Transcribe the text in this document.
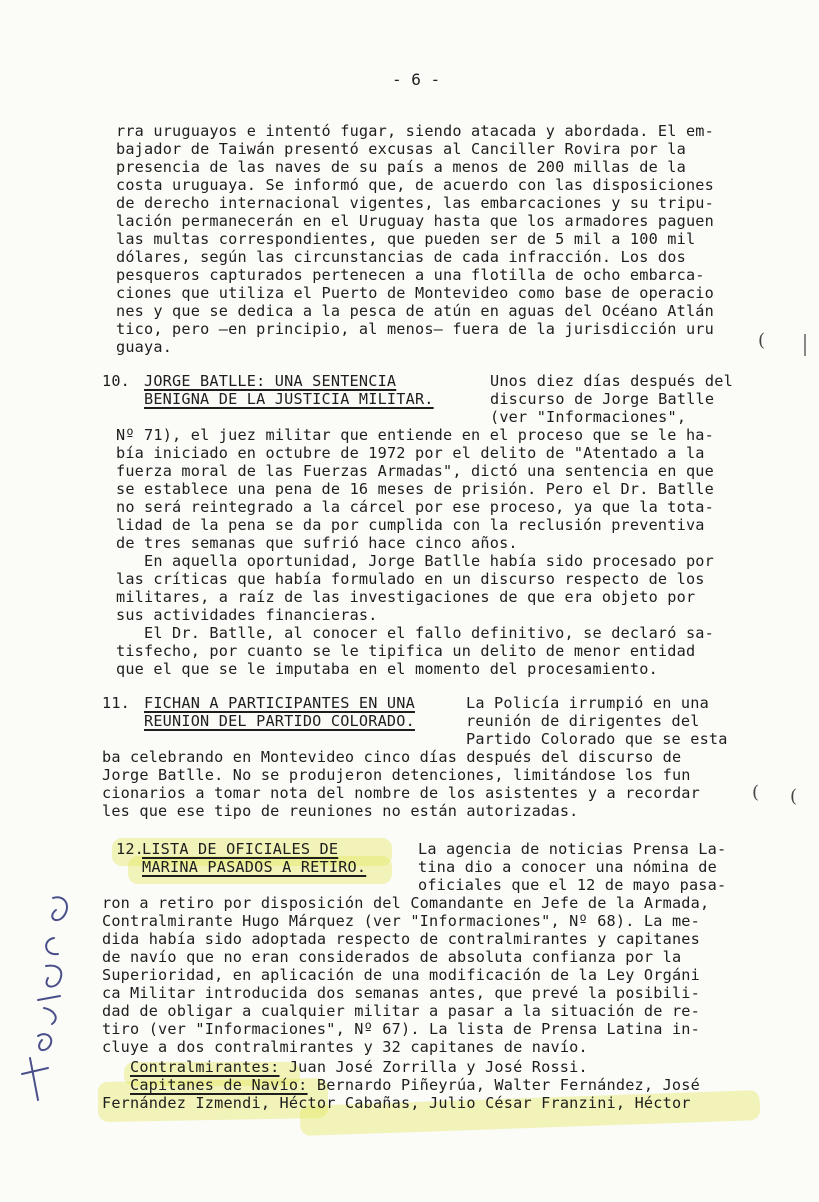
- 6 -
rra uruguayos e intentó fugar, siendo atacada y abordada. El em-
bajador de Taiwán presentó excusas al Canciller Rovira por la
presencia de las naves de su país a menos de 200 millas de la
costa uruguaya. Se informó que, de acuerdo con las disposiciones
de derecho internacional vigentes, las embarcaciones y su tripu-
lación permanecerán en el Uruguay hasta que los armadores paguen
las multas correspondientes, que pueden ser de 5 mil a 100 mil
dólares, según las circunstancias de cada infracción. Los dos
pesqueros capturados pertenecen a una flotilla de ocho embarca-
ciones que utiliza el Puerto de Montevideo como base de operacio
nes y que se dedica a la pesca de atún en aguas del Océano Atlán
tico, pero —en principio, al menos— fuera de la jurisdicción uru
guaya.	(
( (
10. JORGE BATLLE: UNA SENTENCIA
BENIGNA DE LA JUSTICIA MILITAR.
Unos diez días después del
discurso de Jorge Batlle
(ver "Informaciones",
Nº 71), el juez militar que entiende en el proceso que se le ha-
bía iniciado en octubre de 1972 por el delito de "Atentado a la
fuerza moral de las Fuerzas Armadas", dictó una sentencia en que
se establece una pena de 16 meses de prisión. Pero el Dr. Batlle
no será reintegrado a la cárcel por ese proceso, ya que la tota-
lidad de la pena se da por cumplida con la reclusión preventiva
de tres semanas que sufrió hace cinco años.
En aquella oportunidad, Jorge Batlle había sido procesado por
las críticas que había formulado en un discurso respecto de los
militares, a raíz de las investigaciones de que era objeto por
sus actividades financieras.
El Dr. Batlle, al conocer el fallo definitivo, se declaró sa-
tisfecho, por cuanto se le tipifica un delito de menor entidad
que el que se le imputaba en el momento del procesamiento.
11. FICHAN A PARTICIPANTES EN UNA
REUNION DEL PARTIDO COLORADO.
La Policía irrumpió en una
reunión de dirigentes del
Partido Colorado que se esta
ba celebrando en Montevideo cinco días después del discurso de
Jorge Batlle. No se produjeron detenciones, limitándose los fun
cionarios a tomar nota del nombre de los asistentes y a recordar
les que ese tipo de reuniones no están autorizadas.
12.
LISTA DE OFICIALES DE
MARINA PASADOS A RETIRO.
La agencia de noticias Prensa La-
tina dio a conocer una nómina de
oficiales que el 12 de mayo pasa-
ron a retiro por disposición del Comandante en Jefe de la Armada,
Contralmirante Hugo Márquez (ver "Informaciones", Nº 68). La me-
dida había sido adoptada respecto de contralmirantes y capitanes
de navío que no eran considerados de absoluta confianza por la
Superioridad, en aplicación de una modificación de la Ley Orgáni
ca Militar introducida dos semanas antes, que prevé la posibili-
dad de obligar a cualquier militar a pasar a la situación de re-
tiro (ver "Informaciones", Nº 67). La lista de Prensa Latina in-
cluye a dos contralmirantes y 32 capitanes de navío.
Contralmirantes: Juan José Zorrilla y José Rossi.
Capitanes de Navío: Bernardo Piñeyrúa, Walter Fernández, José
Fernández Izmendi, Héctor Cabañas, Julio César Franzini, Héctor
